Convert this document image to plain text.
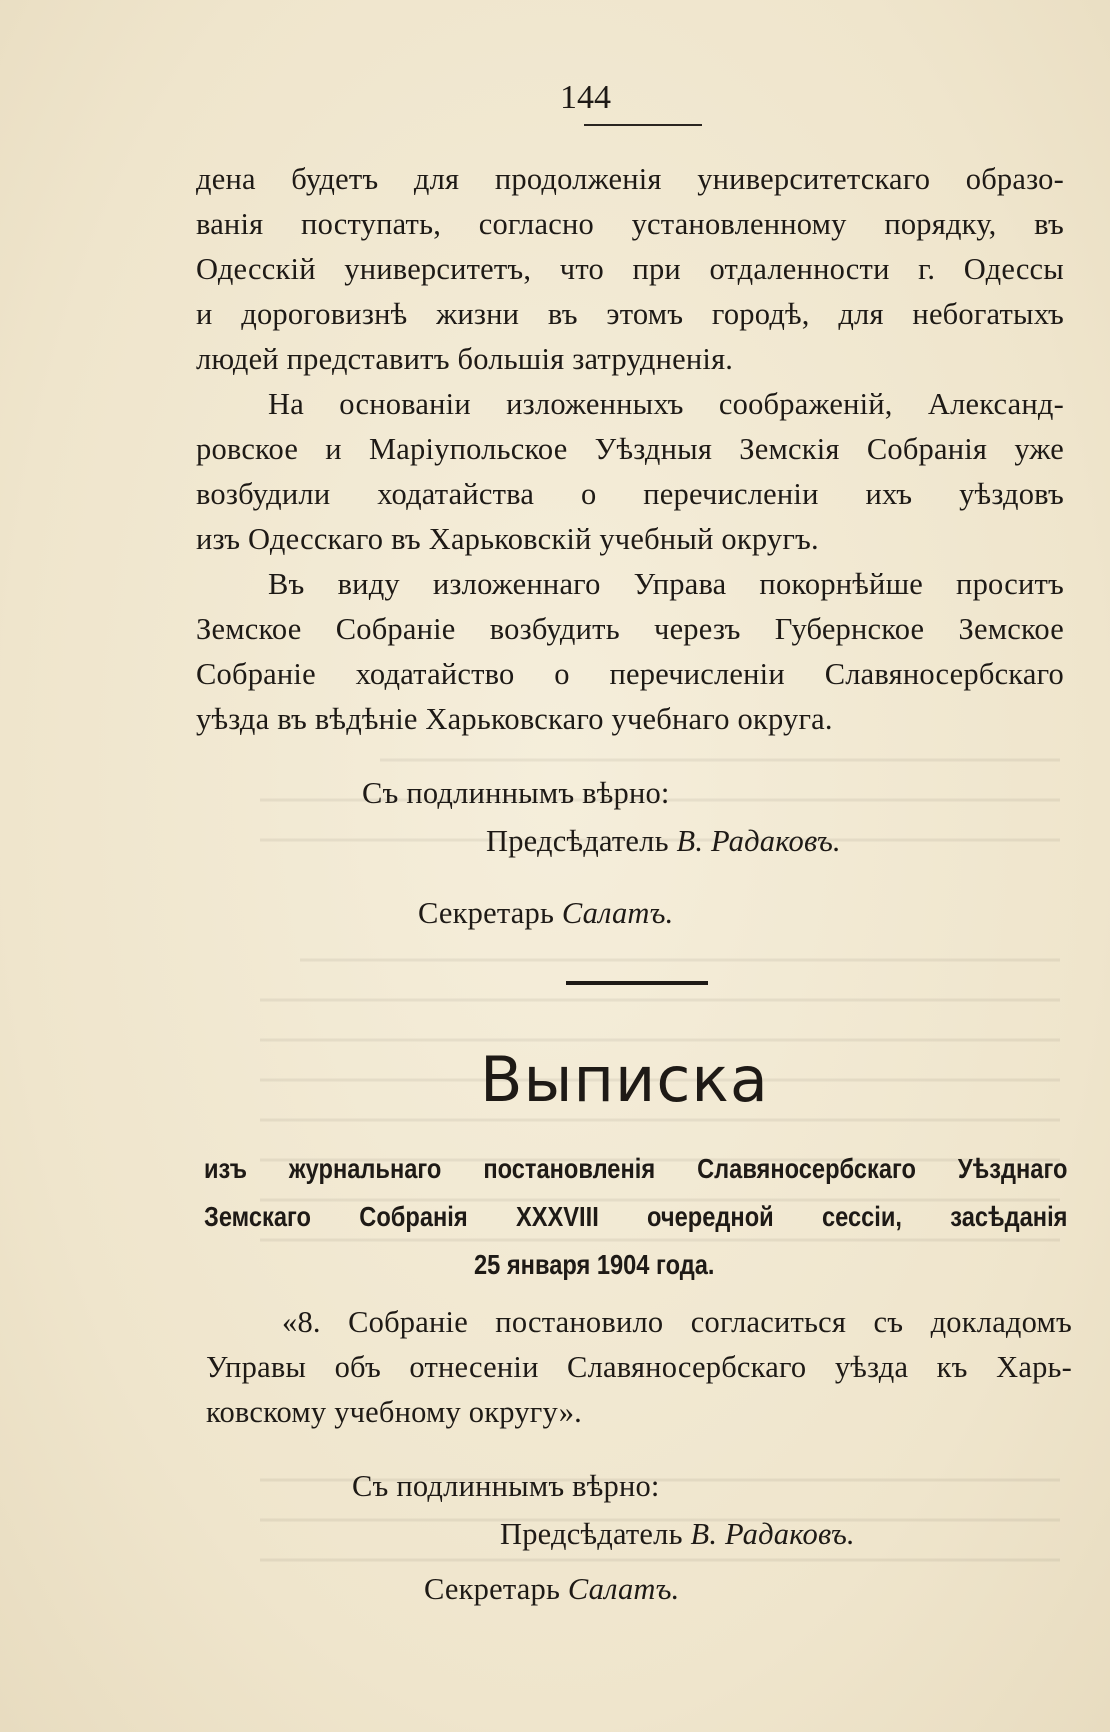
144
дена будетъ для продолженія университетскаго образо-
ванія поступать, согласно установленному порядку, въ
Одесскій университетъ, что при отдаленности г. Одессы
и дороговизнѣ жизни въ этомъ городѣ, для небогатыхъ
людей представитъ большія затрудненія.
На основаніи изложенныхъ соображеній, Александ-
ровское и Маріупольское Уѣздныя Земскія Собранія уже
возбудили ходатайства о перечисленіи ихъ уѣздовъ
изъ Одесскаго въ Харьковскій учебный округъ.
Въ виду изложеннаго Управа покорнѣйше проситъ
Земское Собраніе возбудить черезъ Губернское Земское
Собраніе ходатайство о перечисленіи Славяносербскаго
уѣзда въ вѣдѣніе Харьковскаго учебнаго округа.
Съ подлиннымъ вѣрно:
Предсѣдатель В. Радаковъ.
Секретарь Салатъ.
Выписка
изъ журнальнаго постановленія Славяносербскаго Уѣзднаго
Земскаго Собранія XXXVIII очередной сессіи, засѣданія
25 января 1904 года.
«8. Собраніе постановило согласиться съ докладомъ
Управы объ отнесеніи Славяносербскаго уѣзда къ Харь-
ковскому учебному округу».
Съ подлиннымъ вѣрно:
Предсѣдатель В. Радаковъ.
Секретарь Салатъ.
